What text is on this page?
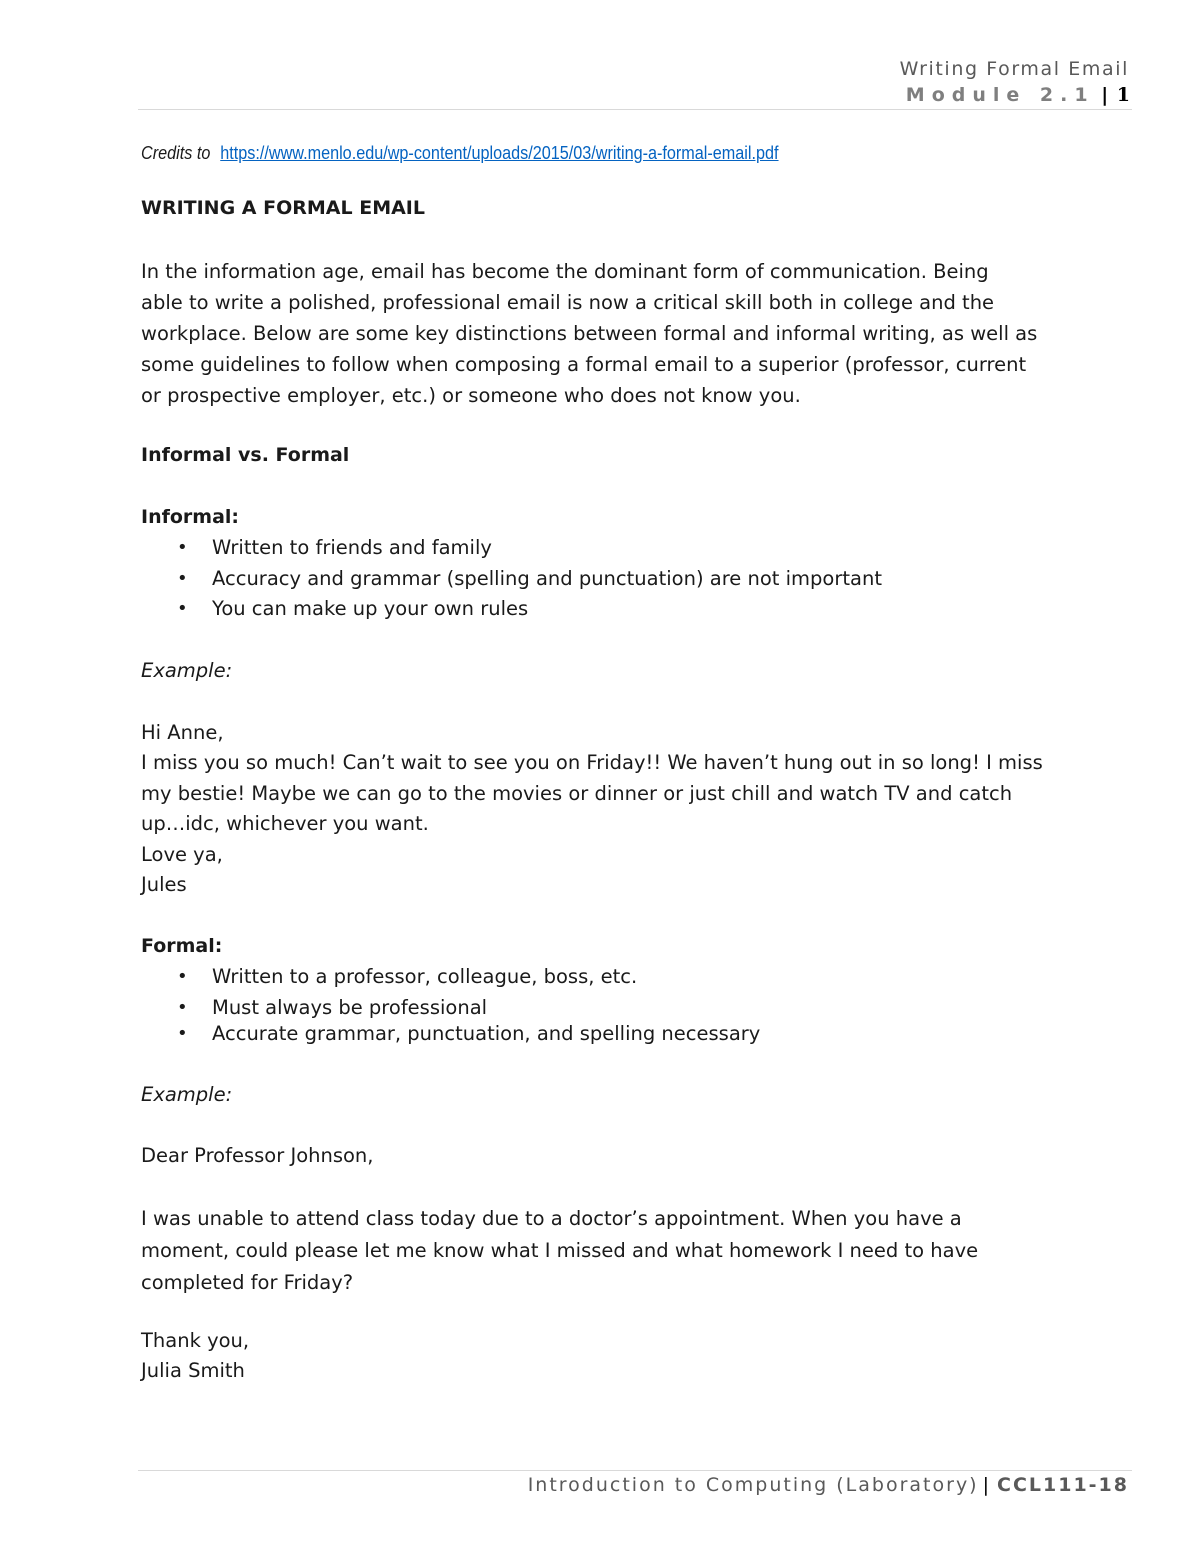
Writing Formal Email
Module 2.1 | 1
Credits to https://www.menlo.edu/wp-content/uploads/2015/03/writing-a-formal-email.pdf
WRITING A FORMAL EMAIL
In the information age, email has become the dominant form of communication. Being
able to write a polished, professional email is now a critical skill both in college and the
workplace. Below are some key distinctions between formal and informal writing, as well as
some guidelines to follow when composing a formal email to a superior (professor, current
or prospective employer, etc.) or someone who does not know you.
Informal vs. Formal
Informal:
• Written to friends and family
• Accuracy and grammar (spelling and punctuation) are not important
• You can make up your own rules
Example:
Hi Anne,
I miss you so much! Can’t wait to see you on Friday!! We haven’t hung out in so long! I miss
my bestie! Maybe we can go to the movies or dinner or just chill and watch TV and catch
up…idc, whichever you want.
Love ya,
Jules
Formal:
• Written to a professor, colleague, boss, etc.
• Must always be professional
• Accurate grammar, punctuation, and spelling necessary
Example:
Dear Professor Johnson,
I was unable to attend class today due to a doctor’s appointment. When you have a
moment, could please let me know what I missed and what homework I need to have
completed for Friday?
Thank you,
Julia Smith
Introduction to Computing (Laboratory) | CCL111-18
